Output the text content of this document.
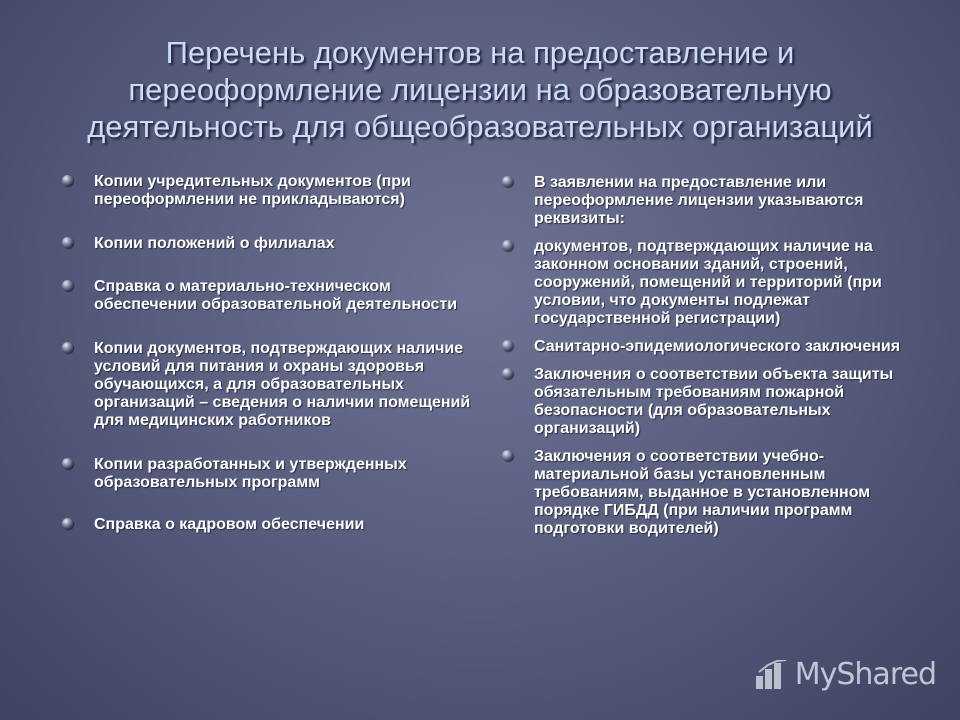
Перечень документов на предоставление и переоформление лицензии на образовательную деятельность для общеобразовательных организаций
Копии учредительных документов (при переоформлении не прикладываются)
Копии положений о филиалах
Справка о материально-техническом обеспечении образовательной деятельности
Копии документов, подтверждающих наличие условий для питания и охраны здоровья обучающихся, а для образовательных организаций – сведения о наличии помещений для медицинских работников
Копии разработанных и утвержденных образовательных программ
Справка о кадровом обеспечении
В заявлении на предоставление или переоформление лицензии указываются реквизиты:
документов, подтверждающих наличие на законном основании зданий, строений, сооружений, помещений и территорий (при условии, что документы подлежат государственной регистрации)
Санитарно-эпидемиологического заключения
Заключения о соответствии объекта защиты обязательным требованиям пожарной безопасности (для образовательных организаций)
Заключения о соответствии учебно-материальной базы установленным требованиям, выданное в установленном порядке ГИБДД (при наличии программ подготовки водителей)
MyShared
